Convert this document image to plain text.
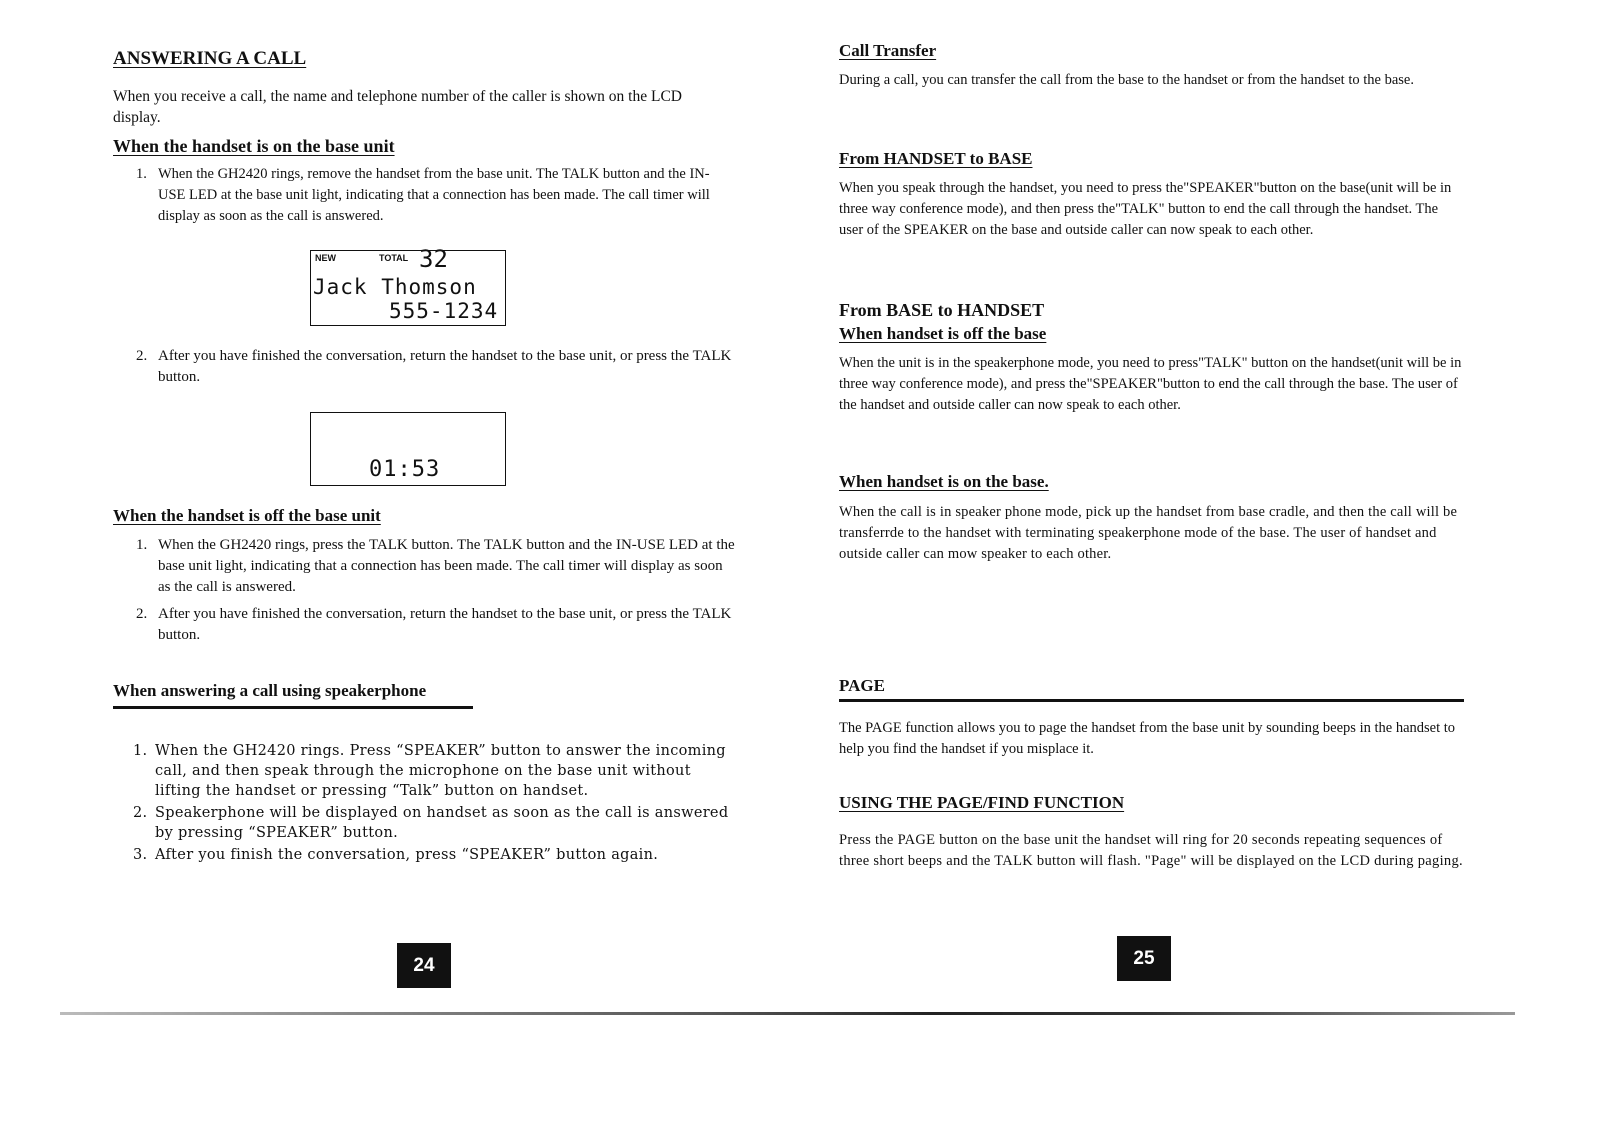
ANSWERING A CALL

When you receive a call, the name and telephone number of the caller is shown on the LCD display.

When the handset is on the base unit
1. When the GH2420 rings, remove the handset from the base unit. The TALK button and the IN-USE LED at the base unit light, indicating that a connection has been made. The call timer will display as soon as the call is answered.
NEW	TOTAL 32
Jack Thomson
555-1234
2. After you have finished the conversation, return the handset to the base unit, or press the TALK button.
01:53
When the handset is off the base unit
1. When the GH2420 rings, press the TALK button. The TALK button and the IN-USE LED at the base unit light, indicating that a connection has been made. The call timer will display as soon as the call is answered.
2. After you have finished the conversation, return the handset to the base unit, or press the TALK button.
When answering a call using speakerphone
1. When the GH2420 rings. Press “SPEAKER” button to answer the incoming call, and then speak through the microphone on the base unit without lifting the handset or pressing “Talk” button on handset.
2. Speakerphone will be displayed on handset as soon as the call is answered by pressing “SPEAKER” button.
3. After you finish the conversation, press “SPEAKER” button again.
24
Call Transfer

During a call, you can transfer the call from the base to the handset or from the handset to the base.

From HANDSET to BASE

When you speak through the handset, you need to press the"SPEAKER"button on the base(unit will be in three way conference mode), and then press the"TALK" button to end the call through the handset. The user of the SPEAKER on the base and outside caller can now speak to each other.

From BASE to HANDSET
When handset is off the base

When the unit is in the speakerphone mode, you need to press"TALK" button on the handset(unit will be in three way conference mode), and press the"SPEAKER"button to end the call through the base. The user of the handset and outside caller can now speak to each other.

When handset is on the base.

When the call is in speaker phone mode, pick up the handset from base cradle, and then the call will be transferrde to the handset with terminating speakerphone mode of the base. The user of handset and outside caller can mow speaker to each other.

PAGE

The PAGE function allows you to page the handset from the base unit by sounding beeps in the handset to help you find the handset if you misplace it.

USING THE PAGE/FIND FUNCTION

Press the PAGE button on the base unit the handset will ring for 20 seconds repeating sequences of three short beeps and the TALK button will flash. "Page" will be displayed on the LCD during paging.

25
